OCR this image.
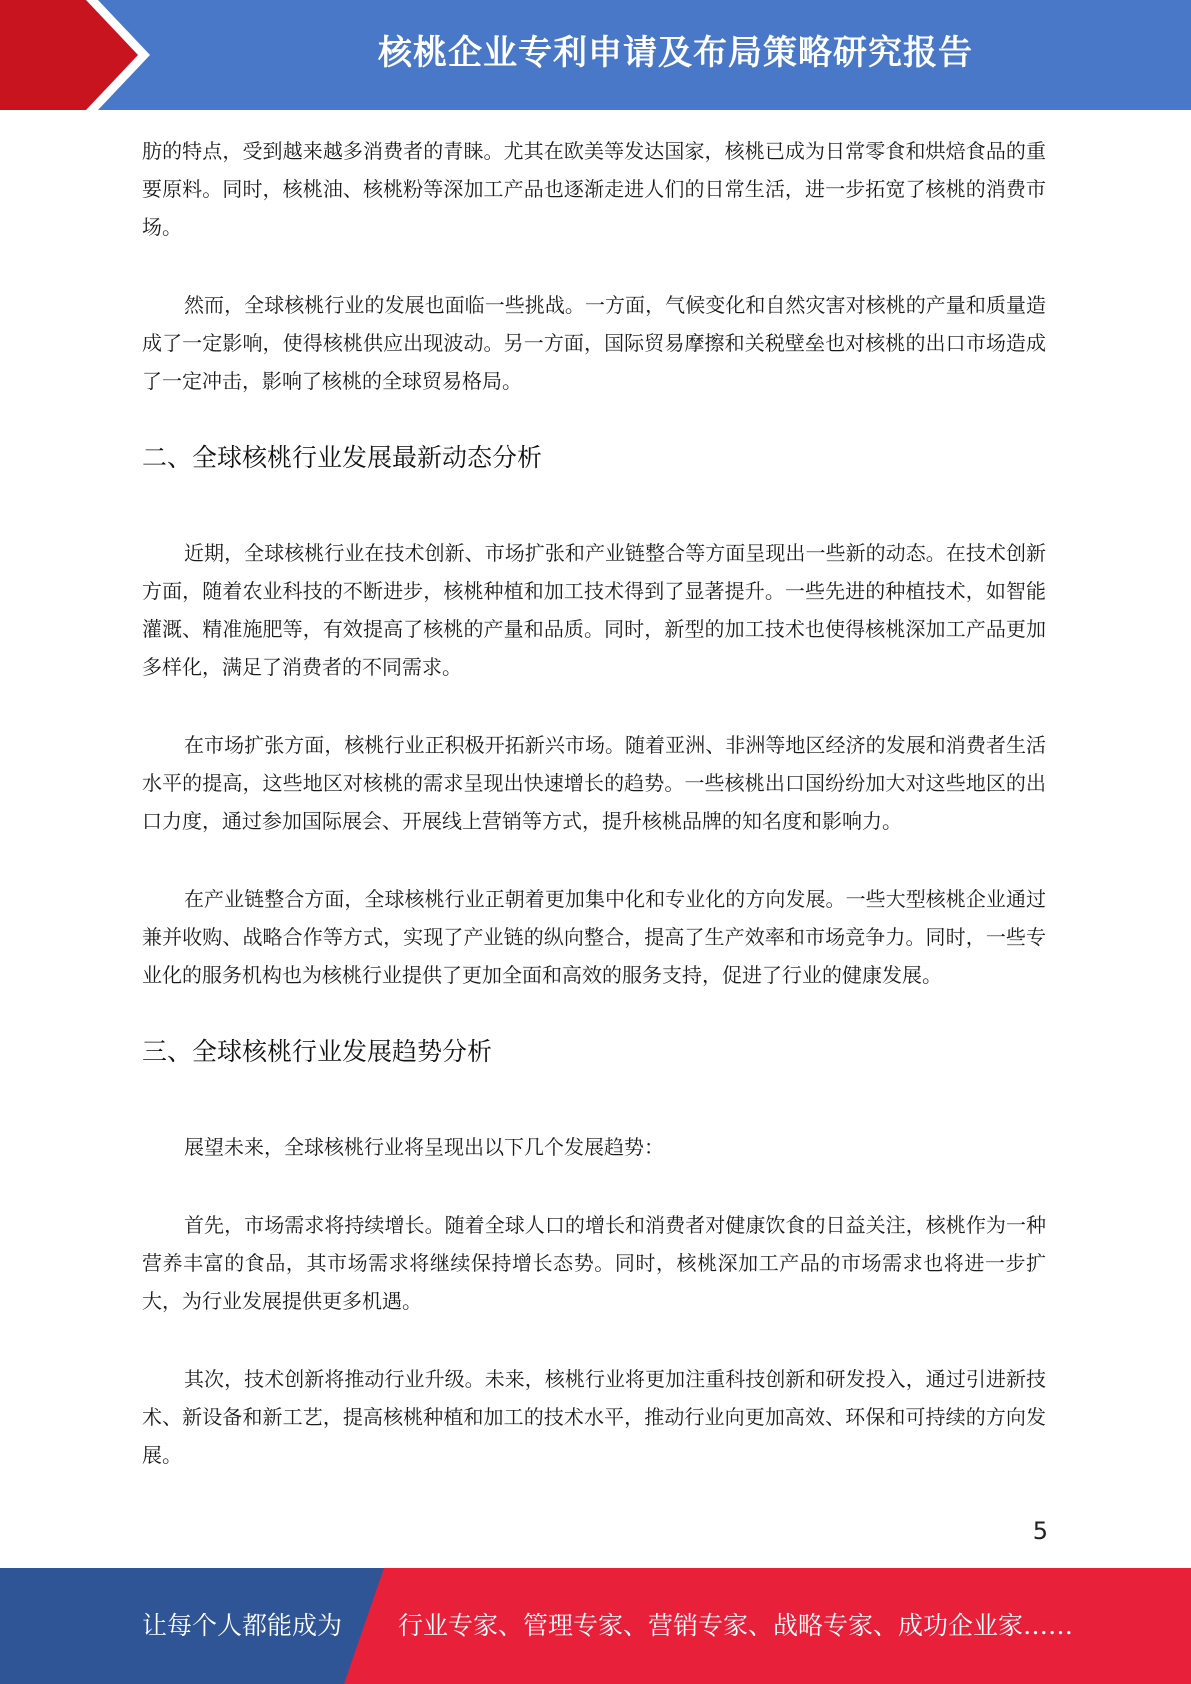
核桃企业专利申请及布局策略研究报告

肪的特点，受到越来越多消费者的青睐。尤其在欧美等发达国家，核桃已成为日常零食和烘焙食品的重要原料。同时，核桃油、核桃粉等深加工产品也逐渐走进人们的日常生活，进一步拓宽了核桃的消费市场。

然而，全球核桃行业的发展也面临一些挑战。一方面，气候变化和自然灾害对核桃的产量和质量造成了一定影响，使得核桃供应出现波动。另一方面，国际贸易摩擦和关税壁垒也对核桃的出口市场造成了一定冲击，影响了核桃的全球贸易格局。

二、全球核桃行业发展最新动态分析

近期，全球核桃行业在技术创新、市场扩张和产业链整合等方面呈现出一些新的动态。在技术创新方面，随着农业科技的不断进步，核桃种植和加工技术得到了显著提升。一些先进的种植技术，如智能灌溉、精准施肥等，有效提高了核桃的产量和品质。同时，新型的加工技术也使得核桃深加工产品更加多样化，满足了消费者的不同需求。

在市场扩张方面，核桃行业正积极开拓新兴市场。随着亚洲、非洲等地区经济的发展和消费者生活水平的提高，这些地区对核桃的需求呈现出快速增长的趋势。一些核桃出口国纷纷加大对这些地区的出口力度，通过参加国际展会、开展线上营销等方式，提升核桃品牌的知名度和影响力。

在产业链整合方面，全球核桃行业正朝着更加集中化和专业化的方向发展。一些大型核桃企业通过兼并收购、战略合作等方式，实现了产业链的纵向整合，提高了生产效率和市场竞争力。同时，一些专业化的服务机构也为核桃行业提供了更加全面和高效的服务支持，促进了行业的健康发展。

三、全球核桃行业发展趋势分析

展望未来，全球核桃行业将呈现出以下几个发展趋势：

首先，市场需求将持续增长。随着全球人口的增长和消费者对健康饮食的日益关注，核桃作为一种营养丰富的食品，其市场需求将继续保持增长态势。同时，核桃深加工产品的市场需求也将进一步扩大，为行业发展提供更多机遇。

其次，技术创新将推动行业升级。未来，核桃行业将更加注重科技创新和研发投入，通过引进新技术、新设备和新工艺，提高核桃种植和加工的技术水平，推动行业向更加高效、环保和可持续的方向发展。

5
让每个人都能成为 行业专家、管理专家、营销专家、战略专家、成功企业家……
